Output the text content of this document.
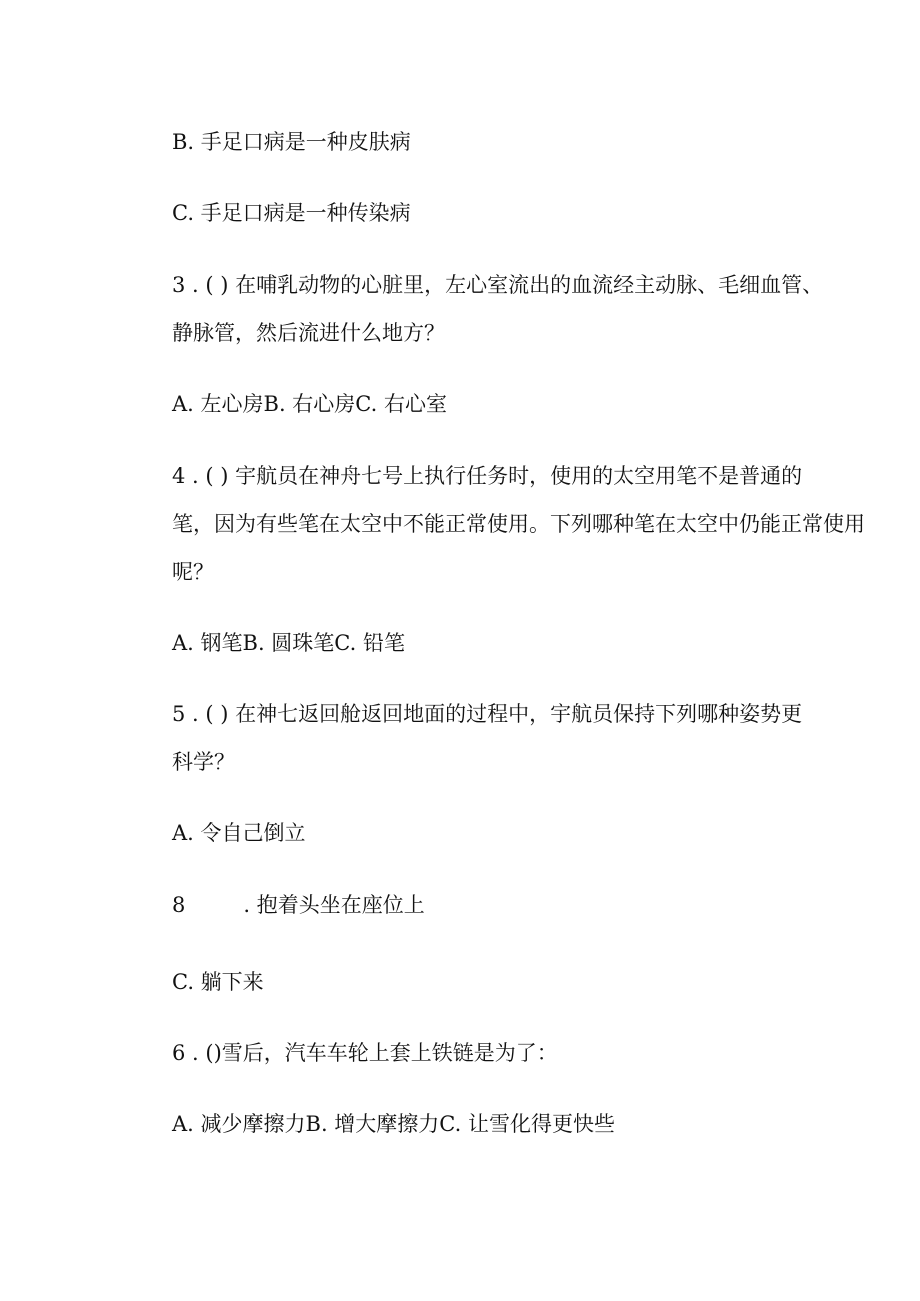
B. 手足口病是一种皮肤病
C. 手足口病是一种传染病
3 . ( ) 在哺乳动物的心脏里，左心室流出的血流经主动脉、毛细血管、
静脉管，然后流进什么地方？
A. 左心房B. 右心房C. 右心室
4 . ( ) 宇航员在神舟七号上执行任务时，使用的太空用笔不是普通的
笔，因为有些笔在太空中不能正常使用。下列哪种笔在太空中仍能正常使用
呢？
A. 钢笔B. 圆珠笔C. 铅笔
5 . ( ) 在神七返回舱返回地面的过程中，宇航员保持下列哪种姿势更
科学？
A. 令自己倒立
8	. 抱着头坐在座位上
C. 躺下来
6 . ()雪后，汽车车轮上套上铁链是为了：
A. 减少摩擦力B. 增大摩擦力C. 让雪化得更快些
